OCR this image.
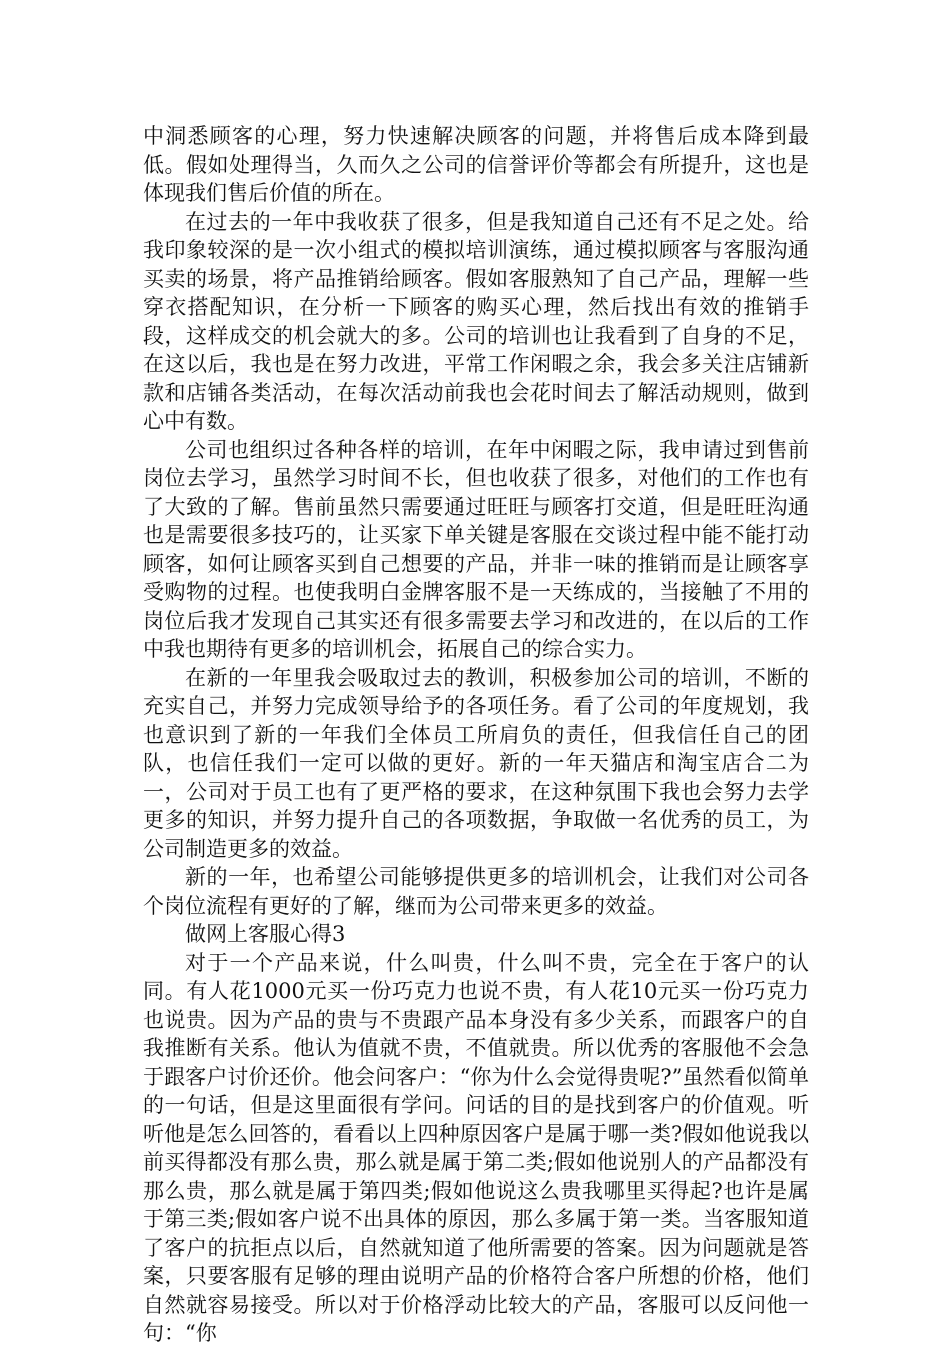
中洞悉顾客的心理，努力快速解决顾客的问题，并将售后成本降到最低。假如处理得当，久而久之公司的信誉评价等都会有所提升，这也是体现我们售后价值的所在。

在过去的一年中我收获了很多，但是我知道自己还有不足之处。给我印象较深的是一次小组式的模拟培训演练，通过模拟顾客与客服沟通买卖的场景，将产品推销给顾客。假如客服熟知了自己产品，理解一些穿衣搭配知识，在分析一下顾客的购买心理，然后找出有效的推销手段，这样成交的机会就大的多。公司的培训也让我看到了自身的不足，在这以后，我也是在努力改进，平常工作闲暇之余，我会多关注店铺新款和店铺各类活动，在每次活动前我也会花时间去了解活动规则，做到心中有数。

公司也组织过各种各样的培训，在年中闲暇之际，我申请过到售前岗位去学习，虽然学习时间不长，但也收获了很多，对他们的工作也有了大致的了解。售前虽然只需要通过旺旺与顾客打交道，但是旺旺沟通也是需要很多技巧的，让买家下单关键是客服在交谈过程中能不能打动顾客，如何让顾客买到自己想要的产品，并非一味的推销而是让顾客享受购物的过程。也使我明白金牌客服不是一天练成的，当接触了不用的岗位后我才发现自己其实还有很多需要去学习和改进的，在以后的工作中我也期待有更多的培训机会，拓展自己的综合实力。

在新的一年里我会吸取过去的教训，积极参加公司的培训，不断的充实自己，并努力完成领导给予的各项任务。看了公司的年度规划，我也意识到了新的一年我们全体员工所肩负的责任，但我信任自己的团队，也信任我们一定可以做的更好。新的一年天猫店和淘宝店合二为一，公司对于员工也有了更严格的要求，在这种氛围下我也会努力去学更多的知识，并努力提升自己的各项数据，争取做一名优秀的员工，为公司制造更多的效益。

新的一年，也希望公司能够提供更多的培训机会，让我们对公司各个岗位流程有更好的了解，继而为公司带来更多的效益。

做网上客服心得3

对于一个产品来说，什么叫贵，什么叫不贵，完全在于客户的认同。有人花1000元买一份巧克力也说不贵，有人花10元买一份巧克力也说贵。因为产品的贵与不贵跟产品本身没有多少关系，而跟客户的自我推断有关系。他认为值就不贵，不值就贵。所以优秀的客服他不会急于跟客户讨价还价。他会问客户：“你为什么会觉得贵呢?”虽然看似简单的一句话，但是这里面很有学问。问话的目的是找到客户的价值观。听听他是怎么回答的，看看以上四种原因客户是属于哪一类?假如他说我以前买得都没有那么贵，那么就是属于第二类;假如他说别人的产品都没有那么贵，那么就是属于第四类;假如他说这么贵我哪里买得起?也许是属于第三类;假如客户说不出具体的原因，那么多属于第一类。当客服知道了客户的抗拒点以后，自然就知道了他所需要的答案。因为问题就是答案，只要客服有足够的理由说明产品的价格符合客户所想的价格，他们自然就容易接受。所以对于价格浮动比较大的产品，客服可以反问他一句：“你
